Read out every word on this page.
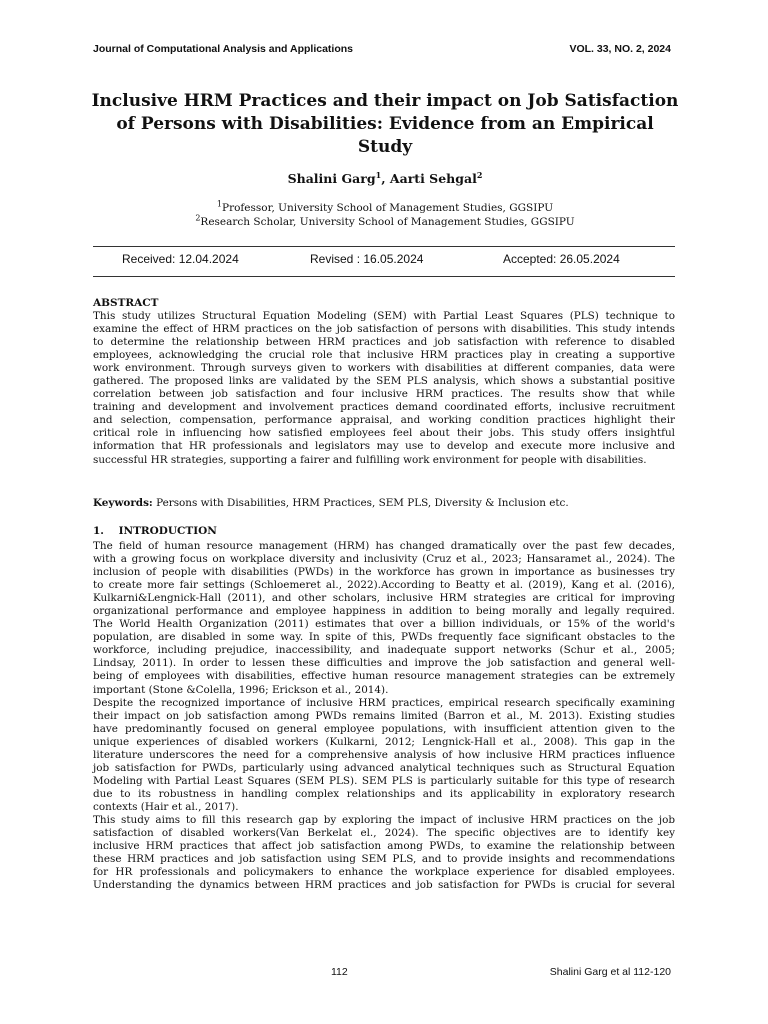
Journal of Computational Analysis and Applications	VOL. 33, NO. 2, 2024
Inclusive HRM Practices and their impact on Job Satisfaction
of Persons with Disabilities: Evidence from an Empirical
Study
Shalini Garg$^1$, Aarti Sehgal$^2$
$^1$Professor, University School of Management Studies, GGSIPU
$^2$Research Scholar, University School of Management Studies, GGSIPU
Received: 12.04.2024	Revised : 16.05.2024	Accepted: 26.05.2024
ABSTRACT
This study utilizes Structural Equation Modeling (SEM) with Partial Least Squares (PLS) technique to
examine the effect of HRM practices on the job satisfaction of persons with disabilities. This study intends
to determine the relationship between HRM practices and job satisfaction with reference to disabled
employees, acknowledging the crucial role that inclusive HRM practices play in creating a supportive
work environment. Through surveys given to workers with disabilities at different companies, data were
gathered. The proposed links are validated by the SEM PLS analysis, which shows a substantial positive
correlation between job satisfaction and four inclusive HRM practices. The results show that while
training and development and involvement practices demand coordinated efforts, inclusive recruitment
and selection, compensation, performance appraisal, and working condition practices highlight their
critical role in influencing how satisfied employees feel about their jobs. This study offers insightful
information that HR professionals and legislators may use to develop and execute more inclusive and
successful HR strategies, supporting a fairer and fulfilling work environment for people with disabilities.
Keywords: Persons with Disabilities, HRM Practices, SEM PLS, Diversity & Inclusion etc.
1.    INTRODUCTION
The field of human resource management (HRM) has changed dramatically over the past few decades,
with a growing focus on workplace diversity and inclusivity (Cruz et al., 2023; Hansaramet al., 2024). The
inclusion of people with disabilities (PWDs) in the workforce has grown in importance as businesses try
to create more fair settings (Schloemeret al., 2022).According to Beatty et al. (2019), Kang et al. (2016),
Kulkarni&Lengnick-Hall (2011), and other scholars, inclusive HRM strategies are critical for improving
organizational performance and employee happiness in addition to being morally and legally required.
The World Health Organization (2011) estimates that over a billion individuals, or 15% of the world's
population, are disabled in some way. In spite of this, PWDs frequently face significant obstacles to the
workforce, including prejudice, inaccessibility, and inadequate support networks (Schur et al., 2005;
Lindsay, 2011). In order to lessen these difficulties and improve the job satisfaction and general well-
being of employees with disabilities, effective human resource management strategies can be extremely
important (Stone &Colella, 1996; Erickson et al., 2014).
Despite the recognized importance of inclusive HRM practices, empirical research specifically examining
their impact on job satisfaction among PWDs remains limited (Barron et al., M. 2013). Existing studies
have predominantly focused on general employee populations, with insufficient attention given to the
unique experiences of disabled workers (Kulkarni, 2012; Lengnick-Hall et al., 2008). This gap in the
literature underscores the need for a comprehensive analysis of how inclusive HRM practices influence
job satisfaction for PWDs, particularly using advanced analytical techniques such as Structural Equation
Modeling with Partial Least Squares (SEM PLS). SEM PLS is particularly suitable for this type of research
due to its robustness in handling complex relationships and its applicability in exploratory research
contexts (Hair et al., 2017).
This study aims to fill this research gap by exploring the impact of inclusive HRM practices on the job
satisfaction of disabled workers(Van Berkelat el., 2024). The specific objectives are to identify key
inclusive HRM practices that affect job satisfaction among PWDs, to examine the relationship between
these HRM practices and job satisfaction using SEM PLS, and to provide insights and recommendations
for HR professionals and policymakers to enhance the workplace experience for disabled employees.
Understanding the dynamics between HRM practices and job satisfaction for PWDs is crucial for several
112	Shalini Garg et al 112-120
